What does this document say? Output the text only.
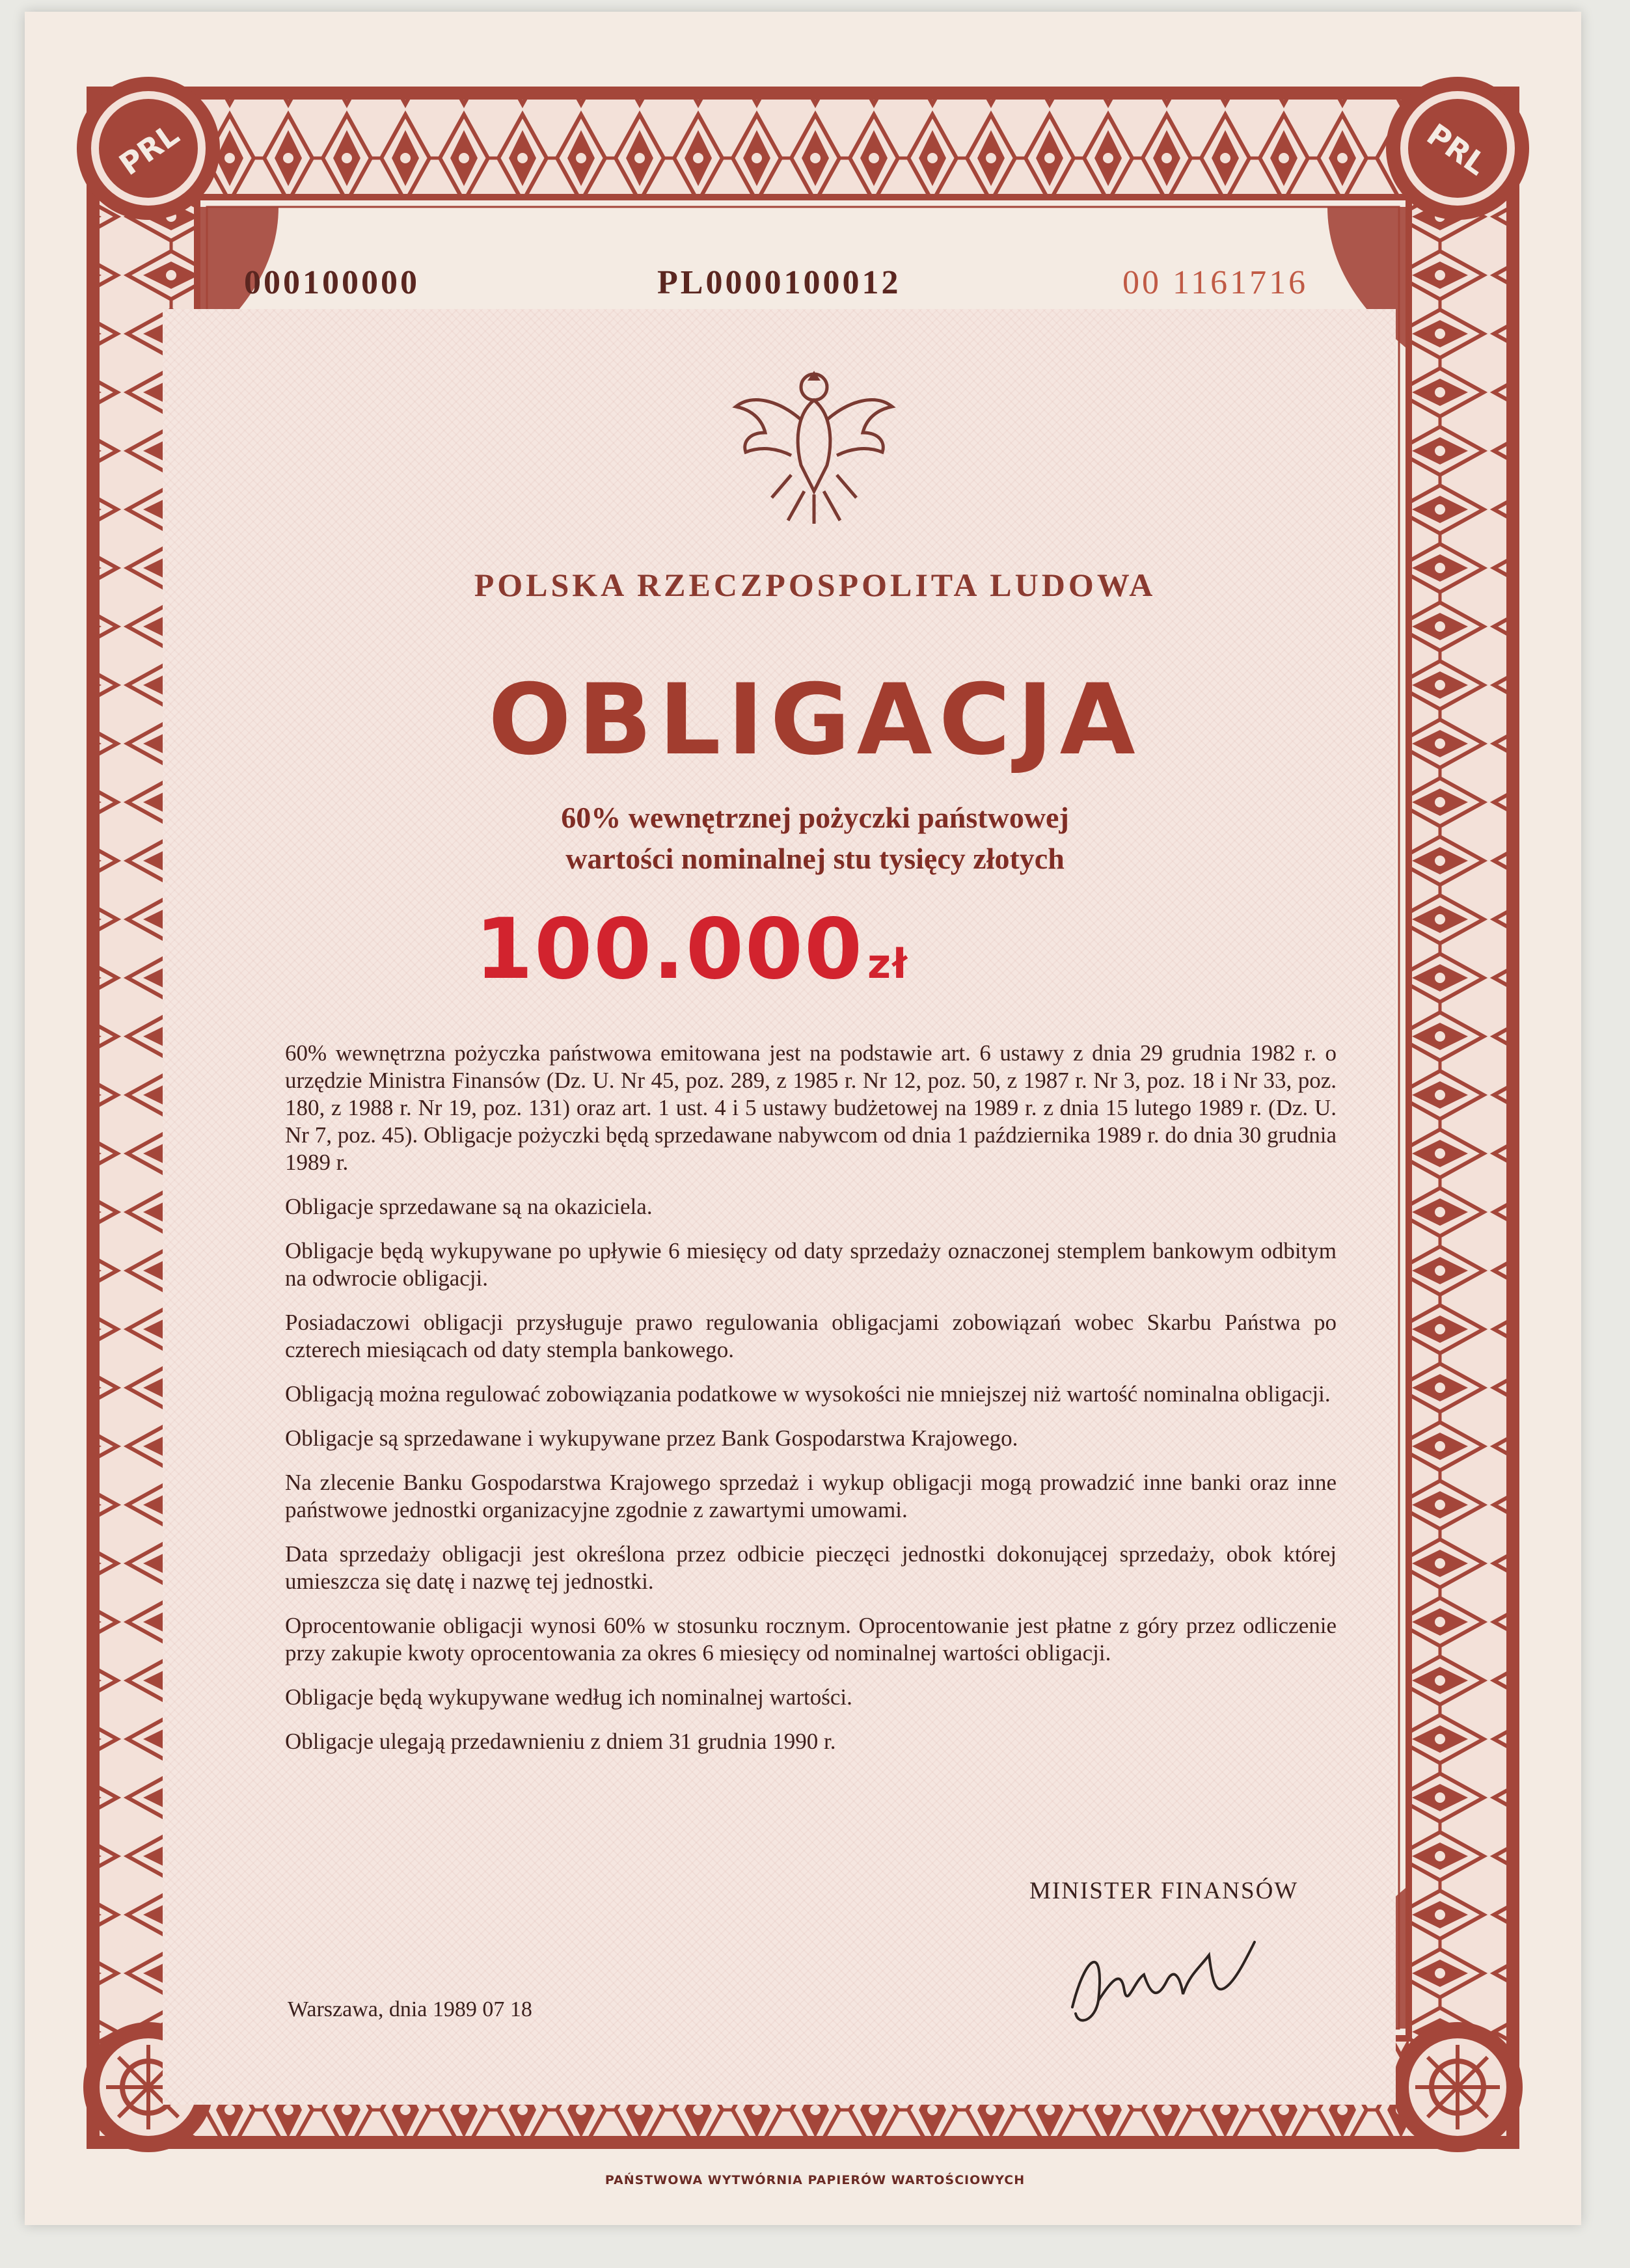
PRL	PRL
000100000	PL0000100012	00 1161716
POLSKA RZECZPOSPOLITA LUDOWA
OBLIGACJA
60% wewnętrznej pożyczki państwowej
wartości nominalnej stu tysięcy złotych
100.000zł

60% wewnętrzna pożyczka państwowa emitowana jest na podstawie art. 6 ustawy z dnia 29 grudnia 1982 r. o urzędzie Ministra Finansów (Dz. U. Nr 45, poz. 289, z 1985 r. Nr 12, poz. 50, z 1987 r. Nr 3, poz. 18 i Nr 33, poz. 180, z 1988 r. Nr 19, poz. 131) oraz art. 1 ust. 4 i 5 ustawy budżetowej na 1989 r. z dnia 15 lutego 1989 r. (Dz. U. Nr 7, poz. 45). Obligacje pożyczki będą sprzedawane nabywcom od dnia 1 października 1989 r. do dnia 30 grudnia 1989 r.

Obligacje sprzedawane są na okaziciela.

Obligacje będą wykupywane po upływie 6 miesięcy od daty sprzedaży oznaczonej stemplem bankowym odbitym na odwrocie obligacji.

Posiadaczowi obligacji przysługuje prawo regulowania obligacjami zobowiązań wobec Skarbu Państwa po czterech miesiącach od daty stempla bankowego.

Obligacją można regulować zobowiązania podatkowe w wysokości nie mniejszej niż wartość nominalna obligacji.

Obligacje są sprzedawane i wykupywane przez Bank Gospodarstwa Krajowego.

Na zlecenie Banku Gospodarstwa Krajowego sprzedaż i wykup obligacji mogą prowadzić inne banki oraz inne państwowe jednostki organizacyjne zgodnie z zawartymi umowami.

Data sprzedaży obligacji jest określona przez odbicie pieczęci jednostki dokonującej sprzedaży, obok której umieszcza się datę i nazwę tej jednostki.

Oprocentowanie obligacji wynosi 60% w stosunku rocznym. Oprocentowanie jest płatne z góry przez odliczenie przy zakupie kwoty oprocentowania za okres 6 miesięcy od nominalnej wartości obligacji.

Obligacje będą wykupywane według ich nominalnej wartości.

Obligacje ulegają przedawnieniu z dniem 31 grudnia 1990 r.

MINISTER FINANSÓW
Warszawa, dnia 1989 07 18
PAŃSTWOWA WYTWÓRNIA PAPIERÓW WARTOŚCIOWYCH
